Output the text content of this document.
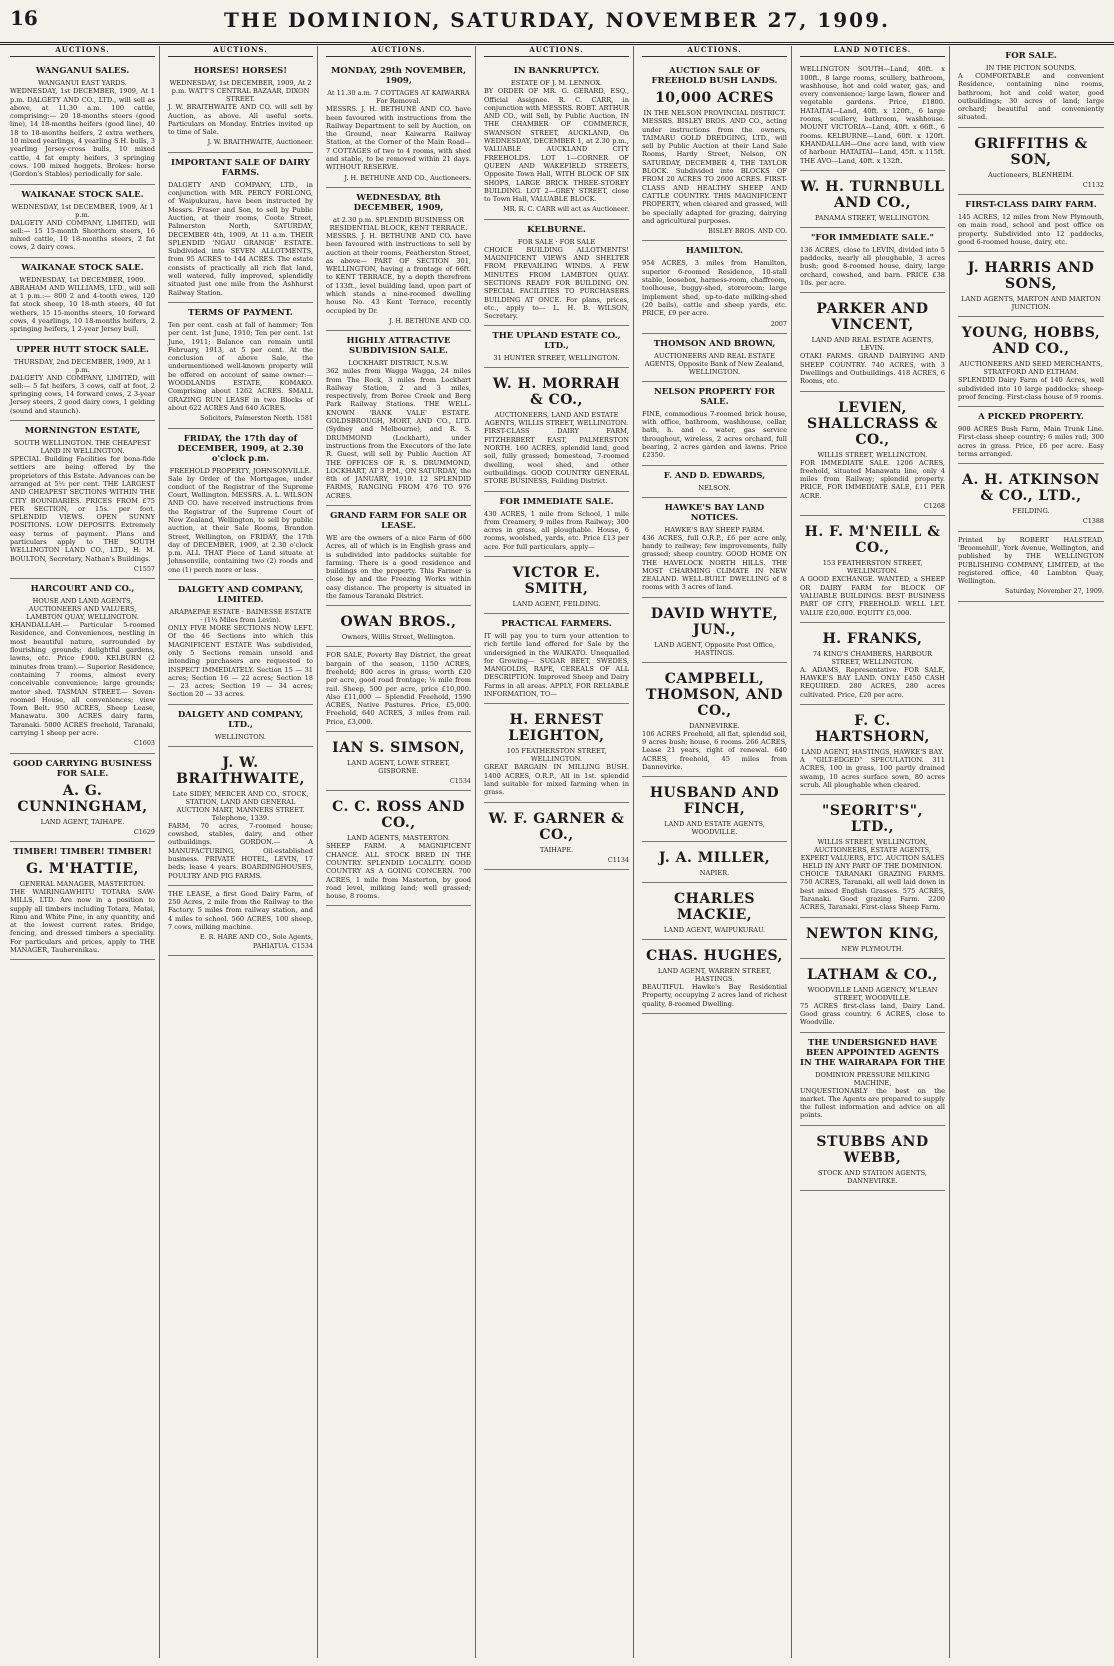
16	THE DOMINION, SATURDAY, NOVEMBER 27, 1909.
AUCTIONS.
WANGANUI SALES.
WANGANUI EAST YARDS.
WEDNESDAY, 1st DECEMBER, 1909, At 1 p.m. DALGETY AND CO., LTD., will sell as above, at 11.30 a.m. 100 cattle, comprising:— 20 18-months steers (good line), 14 18-months heifers (good line), 40 18 to 18-months heifers, 2 extra wethers, 10 mixed yearlings, 4 yearling S.H. bulls, 3 yearling Jersey-cross bulls, 10 mixed cattle, 4 fat empty heifers, 3 springing cows. 100 mixed hoggets. Brokes: horse (Gordon's Stables) periodically for sale.
WAIKANAE STOCK SALE.
WEDNESDAY, 1st DECEMBER, 1909, At 1 p.m.
DALGETY AND COMPANY, LIMITED, will sell:— 15 15-month Shorthorn steers, 16 mixed cattle, 10 18-months steers, 2 fat cows, 2 dairy cows.
WAIKANAE STOCK SALE.
WEDNESDAY, 1st DECEMBER, 1909.
ABRAHAM AND WILLIAMS, LTD., will sell at 1 p.m.:— 800 2 and 4-tooth ewes, 120 fat stock sheep, 10 18-mth steers, 40 fat wethers, 15 15-months steers, 10 forward cows, 4 yearlings, 10 18-months heifers, 2 springing heifers, 1 2-year Jersey bull.
UPPER HUTT STOCK SALE.
THURSDAY, 2nd DECEMBER, 1909, At 1 p.m.
DALGETY AND COMPANY, LIMITED, will sell:— 5 fat heifers, 3 cows, calf at foot, 2 springing cows, 14 forward cows, 2 3-year Jersey steers, 2 good dairy cows, 1 gelding (sound and staunch).
MORNINGTON ESTATE,
SOUTH WELLINGTON. THE CHEAPEST LAND IN WELLINGTON.
SPECIAL Building Facilities for bona-fide settlers are being offered by the proprietors of this Estate. Advances can be arranged at 5½ per cent. THE LARGEST AND CHEAPEST SECTIONS WITHIN THE CITY BOUNDARIES. PRICES FROM £75 PER SECTION, or 15s. per foot. SPLENDID VIEWS. OPEN SUNNY POSITIONS. LOW DEPOSITS. Extremely easy terms of payment. Plans and particulars apply to THE SOUTH WELLINGTON LAND CO., LTD., H. M. BOULTON, Secretary, Nathan's Buildings.
C1557
HARCOURT AND CO.,
HOUSE AND LAND AGENTS, AUCTIONEERS AND VALUERS, LAMBTON QUAY, WELLINGTON.
KHANDALLAH.— Particular 5-roomed Residence, and Conveniences, nestling in most beautiful nature, surrounded by flourishing grounds; delightful gardens, lawns, etc. Price £900. KELBURN (2 minutes from tram).— Superior Residence, containing 7 rooms, almost every conceivable convenience; large grounds; motor shed. TASMAN STREET.— Seven-roomed House, all conveniences; view Town Belt. 950 ACRES, Sheep Lease, Manawatu. 300 ACRES dairy farm, Taranaki. 5000 ACRES freehold, Taranaki, carrying 1 sheep per acre.
C1603
GOOD CARRYING BUSINESS FOR SALE.
A. G. CUNNINGHAM,
LAND AGENT, TAIHAPE.
C1629
TIMBER! TIMBER! TIMBER!
G. M'HATTIE,
GENERAL MANAGER, MASTERTON.
THE WAIRINGAWHITU TOTARA SAW-MILLS, LTD. Are now in a position to supply all timbers including Totara, Matai, Rimu and White Pine, in any quantity, and at the lowest current rates. Bridge, fencing, and dressed timbers a speciality. For particulars and prices, apply to THE MANAGER, Tauherenikau.
AUCTIONS.
HORSES! HORSES!
WEDNESDAY, 1st DECEMBER, 1909, At 2 p.m. WATT'S CENTRAL BAZAAR, DIXON STREET.
J. W. BRAITHWAITE AND CO. will sell by Auction, as above. All useful sorts. Particulars on Monday. Entries invited up to time of Sale.
J. W. BRAITHWAITE, Auctioneer.
IMPORTANT SALE OF DAIRY FARMS.
DALGETY AND COMPANY, LTD., in conjunction with MR. PERCY FORLONG, of Waipukurau, have been instructed by Messrs. Fraser and Son, to sell by Public Auction, at their rooms, Coote Street, Palmerston North, SATURDAY, DECEMBER 4th, 1909, At 11 a.m. THEIR SPLENDID 'NGAU GRANGE' ESTATE. Subdivided into SEVEN ALLOTMENTS, from 95 ACRES to 144 ACRES. The estate consists of practically all rich flat land, well watered, fully improved, splendidly situated just one mile from the Ashhurst Railway Station.
TERMS OF PAYMENT.
Ten per cent. cash at fall of hammer; Ten per cent. 1st June, 1910; Ten per cent. 1st June, 1911; Balance can remain until February, 1913, at 5 per cent. At the conclusion of above Sale, the undermentioned well-known property will be offered on account of same owner:— WOODLANDS ESTATE, KOMAKO. Comprising about 1262 ACRES. SMALL GRAZING RUN LEASE in two Blocks of about 622 ACRES And 640 ACRES.
Solicitors, Palmerston North. 1581
FRIDAY, the 17th day of DECEMBER, 1909, at 2.30 o'clock p.m.
FREEHOLD PROPERTY, JOHNSONVILLE.
Sale by Order of the Mortgagee, under conduct of the Registrar of the Supreme Court, Wellington. MESSRS. A. L. WILSON AND CO. have received instructions from the Registrar of the Supreme Court of New Zealand, Wellington, to sell by public auction, at their Sale Rooms, Brandon Street, Wellington, on FRIDAY, the 17th day of DECEMBER, 1909, at 2.30 o'clock p.m. ALL THAT Piece of Land situate at Johnsonville, containing two (2) roods and one (1) perch more or less.
DALGETY AND COMPANY, LIMITED.
ARAPAEPAE ESTATE · BAINESSE ESTATE · (1¼ Miles from Levin).
ONLY FIVE MORE SECTIONS NOW LEFT. Of the 46 Sections into which this MAGNIFICENT ESTATE Was subdivided, only 5 Sections remain unsold and intending purchasers are requested to INSPECT IMMEDIATELY. Section 15 — 31 acres; Section 16 — 22 acres; Section 18 — 23 acres; Section 19 — 34 acres; Section 20 — 33 acres.
DALGETY AND COMPANY, LTD.,
WELLINGTON.
J. W. BRAITHWAITE,
Late SIDEY, MERCER AND CO., STOCK, STATION, LAND AND GENERAL AUCTION MART, MANNERS STREET. Telephone, 1339.
FARM, 70 acres, 7-roomed house; cowshed, stables, dairy, and other outbuildings. GORDON.— A MANUFACTURING, Oil-established business. PRIVATE HOTEL, LEVIN, 17 beds; lease 4 years. BOARDINGHOUSES, POULTRY AND PIG FARMS.
THE LEASE, a first Good Dairy Farm, of 250 Acres, 2 mile from the Railway to the Factory. 5 miles from railway station, and 4 miles to school. 560 ACRES, 100 sheep, 7 cows, milking machine.
E. R. HARE AND CO., Sole Agents, PAHIATUA. C1534
AUCTIONS.
MONDAY, 29th NOVEMBER, 1909,
At 11.30 a.m. 7 COTTAGES AT KAIWARRA For Removal.
MESSRS. J. H. BETHUNE AND CO. have been favoured with instructions from the Railway Department to sell by Auction, on the Ground, near Kaiwarra Railway Station, at the Corner of the Main Road— 7 COTTAGES of two to 4 rooms, with shed and stable, to be removed within 21 days. WITHOUT RESERVE.
J. H. BETHUNE AND CO., Auctioneers.
WEDNESDAY, 8th DECEMBER, 1909,
at 2.30 p.m. SPLENDID BUSINESS OR RESIDENTIAL BLOCK, KENT TERRACE.
MESSRS. J. H. BETHUNE AND CO. have been favoured with instructions to sell by auction at their rooms, Featherston Street, as above— PART OF SECTION 301, WELLINGTON, having a frontage of 66ft. to KENT TERRACE, by a depth therefrom of 133ft., level building land, upon part of which stands a nine-roomed dwelling house No. 43 Kent Terrace, recently occupied by Dr.
J. H. BETHUNE AND CO.
HIGHLY ATTRACTIVE SUBDIVISION SALE.
LOCKHART DISTRICT, N.S.W.
362 miles from Wagga Wagga, 24 miles from The Rock, 3 miles from Lockhart Railway Station, 2 and 3 miles, respectively, from Boree Creek and Berg Park Railway Stations. THE WELL-KNOWN 'BANK VALE' ESTATE. GOLDSBROUGH, MORT, AND CO., LTD. (Sydney and Melbourne), and R. S. DRUMMOND (Lockhart), under instructions from the Executors of the late R. Guest, will sell by Public Auction AT THE OFFICES OF R. S. DRUMMOND, LOCKHART, AT 3 P.M., ON SATURDAY, the 8th of JANUARY, 1910. 12 SPLENDID FARMS, RANGING FROM 476 TO 976 ACRES.
GRAND FARM FOR SALE OR LEASE.
WE are the owners of a nice Farm of 600 Acres, all of which is in English grass and is subdivided into paddocks suitable for farming. There is a good residence and buildings on the property. This Farmer is close by and the Freezing Works within easy distance. The property is situated in the famous Taranaki District.
OWAN BROS.,
Owners, Willis Street, Wellington.
FOR SALE, Poverty Bay District, the great bargain of the season, 1150 ACRES, freehold; 800 acres in grass; worth £20 per acre, good road frontage; ⅛ mile from rail. Sheep, 500 per acre, price £10,000. Also £11,000 — Splendid Freehold, 1590 ACRES, Native Pastures. Price, £5,000. Freehold, 640 ACRES, 3 miles from rail. Price, £3,000.
IAN S. SIMSON,
LAND AGENT, LOWE STREET, GISBORNE.
C1534
C. C. ROSS AND CO.,
LAND AGENTS, MASTERTON.
SHEEP FARM. A MAGNIFICENT CHANCE. ALL STOCK BRED IN THE COUNTRY. SPLENDID LOCALITY. GOOD COUNTRY AS A GOING CONCERN. 700 ACRES, 1 mile from Masterton, by good road level, milking land; well grassed; house, 8 rooms.
AUCTIONS.
IN BANKRUPTCY.
ESTATE OF J. M. LENNOX.
BY ORDER OF MR. G. GERARD, ESQ., Official Assignee. R. C. CARR, in conjunction with MESSRS. ROBT. ARTHUR AND CO., will Sell, by Public Auction, IN THE CHAMBER OF COMMERCE, SWANSON STREET, AUCKLAND, On WEDNESDAY, DECEMBER 1, at 2.30 p.m., VALUABLE AUCKLAND CITY FREEHOLDS. LOT 1—CORNER OF QUEEN AND WAKEFIELD STREETS, Opposite Town Hall, WITH BLOCK OF SIX SHOPS, LARGE BRICK THREE-STOREY BUILDING. LOT 2—GREY STREET, close to Town Hall, VALUABLE BLOCK.
MR. R. C. CARR will act as Auctioneer.
KELBURNE.
FOR SALE · FOR SALE
CHOICE BUILDING ALLOTMENTS! MAGNIFICENT VIEWS AND SHELTER FROM PREVAILING WINDS. A FEW MINUTES FROM LAMBTON QUAY. SECTIONS READY FOR BUILDING ON. SPECIAL FACILITIES TO PURCHASERS BUILDING AT ONCE. For plans, prices, etc., apply to— L. H. B. WILSON, Secretary.
THE UPLAND ESTATE CO., LTD.,
31 HUNTER STREET, WELLINGTON.
W. H. MORRAH & CO.,
AUCTIONEERS, LAND AND ESTATE AGENTS, WILLIS STREET, WELLINGTON.
FIRST-CLASS DAIRY FARM, FITZHERBERT EAST, PALMERSTON NORTH. 160 ACRES, splendid land, good soil, fully grassed; homestead, 7-roomed dwelling, wool shed, and other outbuildings. GOOD COUNTRY GENERAL STORE BUSINESS, Feilding District.
FOR IMMEDIATE SALE.
430 ACRES, 1 mile from School, 1 mile from Creamery, 9 miles from Railway; 300 acres in grass, all ploughable. House, 6 rooms, woolshed, yards, etc. Price £13 per acre. For full particulars, apply—
VICTOR E. SMITH,
LAND AGENT, FEILDING.
PRACTICAL FARMERS.
IT will pay you to turn your attention to rich fertile land offered for Sale by the undersigned in the WAIKATO. Unequalled for Growing— SUGAR BEET, SWEDES, MANGOLDS, RAPE, CEREALS OF ALL DESCRIPTION. Improved Sheep and Dairy Farms in all areas. APPLY, FOR RELIABLE INFORMATION, TO—
H. ERNEST LEIGHTON,
105 FEATHERSTON STREET, WELLINGTON.
GREAT BARGAIN IN MILLING BUSH. 1400 ACRES, O.R.P., All in 1st. splendid land suitable for mixed farming when in grass.
W. F. GARNER & CO.,
TAIHAPE.
C1134
AUCTIONS.
AUCTION SALE OF FREEHOLD BUSH LANDS.
10,000 ACRES
IN THE NELSON PROVINCIAL DISTRICT.
MESSRS. BISLEY BROS. AND CO., acting under instructions from the owners, TAIMARU GOLD DREDGING, LTD., will sell by Public Auction at their Land Sale Rooms, Hardy Street, Nelson, ON SATURDAY, DECEMBER 4, THE TAYLOR BLOCK. Subdivided into BLOCKS OF FROM 20 ACRES TO 2600 ACRES. FIRST-CLASS AND HEALTHY SHEEP AND CATTLE COUNTRY. THIS MAGNIFICENT PROPERTY, when cleared and grassed, will be specially adapted for grazing, dairying and agricultural purposes.
BISLEY BROS. AND CO.
HAMILTON.
954 ACRES, 3 miles from Hamilton, superior 6-roomed Residence, 10-stall stable, loosebox, harness-room, chaffroom, toolhouse, buggy-shed, storeroom; large implement shed, up-to-date milking-shed (20 bails), cattle and sheep yards, etc. PRICE, £9 per acre.
2007
THOMSON AND BROWN,
AUCTIONEERS AND REAL ESTATE AGENTS, Opposite Bank of New Zealand, WELLINGTON.
NELSON PROPERTY FOR SALE.
FINE, commodious 7-roomed brick house, with office, bathroom, washhouse, cellar, bath, h. and c. water, gas service throughout, wireless, 2 acres orchard, full bearing, 2 acres garden and lawns. Price £2350.
F. AND D. EDWARDS,
NELSON.
HAWKE'S BAY LAND NOTICES.
HAWKE'S BAY SHEEP FARM.
436 ACRES, full O.R.P., £6 per acre only, handy to railway; few improvements, fully grassed; sheep country. GOOD HOME ON THE HAVELOCK NORTH HILLS. THE MOST CHARMING CLIMATE IN NEW ZEALAND. WELL-BUILT DWELLING of 8 rooms with 3 acres of land.
DAVID WHYTE, JUN.,
LAND AGENT, Opposite Post Office, HASTINGS.
CAMPBELL, THOMSON, AND CO.,
DANNEVIRKE.
106 ACRES Freehold, all flat, splendid soil, 9 acres bush; house, 6 rooms. 266 ACRES, Lease 21 years, right of renewal. 640 ACRES, freehold, 45 miles from Dannevirke.
HUSBAND AND FINCH,
LAND AND ESTATE AGENTS, WOODVILLE.
J. A. MILLER,
NAPIER.
CHARLES MACKIE,
LAND AGENT, WAIPUKURAU.
CHAS. HUGHES,
LAND AGENT, WARREN STREET, HASTINGS.
BEAUTIFUL Hawke's Bay Residential Property, occupying 2 acres land of richest quality, 8-roomed Dwelling.
LAND NOTICES.
WELLINGTON SOUTH—Land, 40ft. x 100ft., 8 large rooms, scullery, bathroom, washhouse, hot and cold water, gas, and every convenience; large lawn, flower and vegetable gardens. Price, £1800. HATAITAI—Land, 40ft. x 120ft., 6 large rooms, scullery, bathroom, washhouse. MOUNT VICTORIA—Land, 40ft. x 66ft., 6 rooms. KELBURNE—Land, 60ft. x 120ft. KHANDALLAH—One acre land, with view of harbour. HATAITAI—Land, 45ft. x 115ft. THE AVO—Land, 40ft. x 132ft.
W. H. TURNBULL AND CO.,
PANAMA STREET, WELLINGTON.
"FOR IMMEDIATE SALE."
136 ACRES, close to LEVIN, divided into 5 paddocks, nearly all ploughable, 3 acres bush; good 8-roomed house, dairy, large orchard, cowshed, and barn. PRICE £38 10s. per acre.
PARKER AND VINCENT,
LAND AND REAL ESTATE AGENTS, LEVIN.
OTAKI FARMS. GRAND DAIRYING AND SHEEP COUNTRY. 740 ACRES, with 3 Dwellings and Outbuildings. 418 ACRES, 6 Rooms, etc.
LEVIEN, SHALLCRASS & CO.,
WILLIS STREET, WELLINGTON.
FOR IMMEDIATE SALE. 1206 ACRES, freehold, situated Manawatu line, only 4 miles from Railway; splendid property. PRICE, FOR IMMEDIATE SALE, £11 PER ACRE.
C1268
H. F. M'NEILL & CO.,
153 FEATHERSTON STREET, WELLINGTON.
A GOOD EXCHANGE. WANTED, a SHEEP OR DAIRY FARM for BLOCK OF VALUABLE BUILDINGS. BEST BUSINESS PART OF CITY, FREEHOLD. WELL LET. VALUE £20,000. EQUITY £5,000.
H. FRANKS,
74 KING'S CHAMBERS, HARBOUR STREET, WELLINGTON.
A. ADAMS, Representative. FOR SALE, HAWKE'S BAY LAND. ONLY £450 CASH REQUIRED. 280 ACRES, 280 acres cultivated. Price, £20 per acre.
F. C. HARTSHORN,
LAND AGENT, HASTINGS, HAWKE'S BAY.
A "GILT-EDGED" SPECULATION. 311 ACRES, 100 in grass, 100 partly drained swamp, 10 acres surface sown, 80 acres scrub. All ploughable when cleared.
"SEORIT'S", LTD.,
WILLIS STREET, WELLINGTON, AUCTIONEERS, ESTATE AGENTS, EXPERT VALUERS, ETC. AUCTION SALES HELD IN ANY PART OF THE DOMINION.
CHOICE TARANAKI GRAZING FARMS. 750 ACRES, Taranaki, all well laid down in best mixed English Grasses. 575 ACRES, Taranaki. Good grazing Farm. 2200 ACRES, Taranaki. First-class Sheep Farm.
NEWTON KING,
NEW PLYMOUTH.
LATHAM & CO.,
WOODVILLE LAND AGENCY, M'LEAN STREET, WOODVILLE.
75 ACRES first-class land, Dairy Land. Good grass country. 6 ACRES, close to Woodville.
THE UNDERSIGNED HAVE BEEN APPOINTED AGENTS IN THE WAIRARAPA FOR THE
DOMINION PRESSURE MILKING MACHINE,
UNQUESTIONABLY the best on the market. The Agents are prepared to supply the fullest information and advice on all points.
STUBBS AND WEBB,
STOCK AND STATION AGENTS, DANNEVIRKE.
FOR SALE.
IN THE PICTON SOUNDS.
A COMFORTABLE and convenient Residence, containing nine rooms, bathroom, hot and cold water, good outbuildings; 30 acres of land; large orchard; beautiful and conveniently situated.
GRIFFITHS & SON,
Auctioneers, BLENHEIM.
C1132
FIRST-CLASS DAIRY FARM.
145 ACRES, 12 miles from New Plymouth, on main road, school and post office on property. Subdivided into 12 paddocks, good 6-roomed house, dairy, etc.
J. HARRIS AND SONS,
LAND AGENTS, MARTON AND MARTON JUNCTION.
YOUNG, HOBBS, AND CO.,
AUCTIONEERS AND SEED MERCHANTS, STRATFORD AND ELTHAM.
SPLENDID Dairy Farm of 140 Acres, well subdivided into 10 large paddocks; sheep-proof fencing. First-class house of 9 rooms.
A PICKED PROPERTY.
900 ACRES Bush Farm, Main Trunk Line. First-class sheep country; 6 miles rail; 300 acres in grass. Price, £6 per acre. Easy terms arranged.
A. H. ATKINSON & CO., LTD.,
FEILDING.
C1388
Printed by ROBERT HALSTEAD, 'Broomehill', York Avenue, Wellington, and published by THE WELLINGTON PUBLISHING COMPANY, LIMITED, at the registered office, 40 Lambton Quay, Wellington.
Saturday, November 27, 1909.
